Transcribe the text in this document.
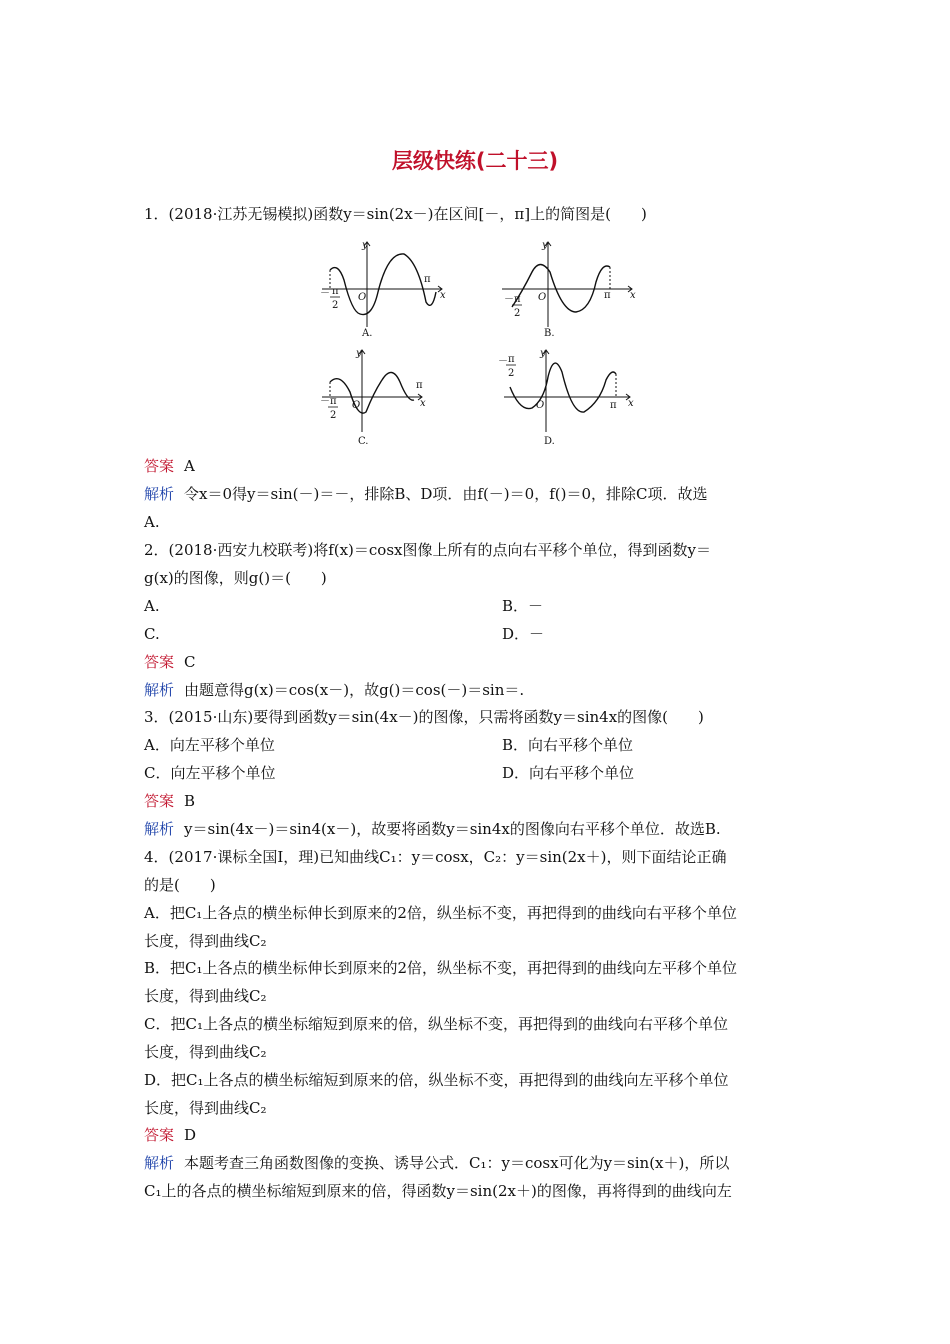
层级快练(二十三)
1．(2018·江苏无锡模拟)函数y＝sin(2x－)在区间[－，π]上的简图是(　　)
y
x
O
π
－ π
2
A.
y
x
O	π
－ π
2
B.
y
x
O
π
－ π
2
C.
y
x
O	π
－ π
2
D.
答案 A
解析 令x＝0得y＝sin(－)＝－，排除B、D项．由f(－)＝0，f()＝0，排除C项．故选
A.
2．(2018·西安九校联考)将f(x)＝cosx图像上所有的点向右平移个单位，得到函数y＝
g(x)的图像，则g()＝(　　)
A.	B．－
C.	D．－
答案 C
解析 由题意得g(x)＝cos(x－)，故g()＝cos(－)＝sin＝.
3．(2015·山东)要得到函数y＝sin(4x－)的图像，只需将函数y＝sin4x的图像(　　)
A．向左平移个单位	B．向右平移个单位
C．向左平移个单位	D．向右平移个单位
答案 B
解析 y＝sin(4x－)＝sin4(x－)，故要将函数y＝sin4x的图像向右平移个单位．故选B.
4．(2017·课标全国Ⅰ，理)已知曲线C₁：y＝cosx，C₂：y＝sin(2x＋)，则下面结论正确
的是(　　)
A．把C₁上各点的横坐标伸长到原来的2倍，纵坐标不变，再把得到的曲线向右平移个单位
长度，得到曲线C₂
B．把C₁上各点的横坐标伸长到原来的2倍，纵坐标不变，再把得到的曲线向左平移个单位
长度，得到曲线C₂
C．把C₁上各点的横坐标缩短到原来的倍，纵坐标不变，再把得到的曲线向右平移个单位
长度，得到曲线C₂
D．把C₁上各点的横坐标缩短到原来的倍，纵坐标不变，再把得到的曲线向左平移个单位
长度，得到曲线C₂
答案 D
解析 本题考查三角函数图像的变换、诱导公式．C₁：y＝cosx可化为y＝sin(x＋)，所以
C₁上的各点的横坐标缩短到原来的倍，得函数y＝sin(2x＋)的图像，再将得到的曲线向左
